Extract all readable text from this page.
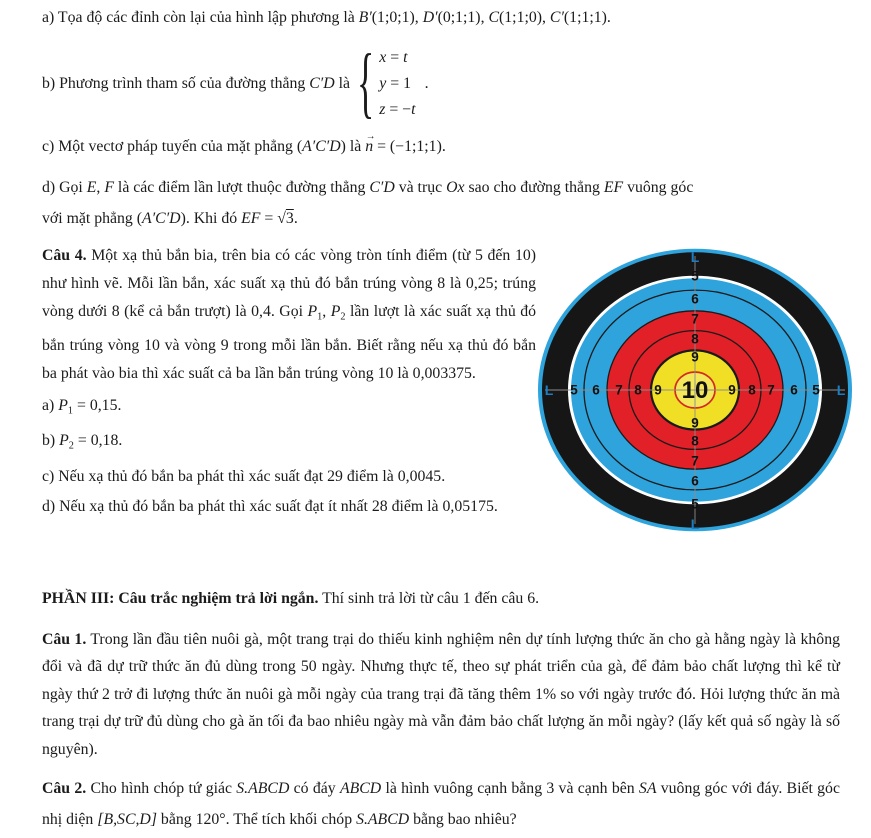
a) Tọa độ các đỉnh còn lại của hình lập phương là B′(1;0;1), D′(0;1;1), C(1;1;0), C′(1;1;1).
b) Phương trình tham số của đường thẳng C′D là { x = t
y = 1
z = −t
.
c) Một vectơ pháp tuyến của mặt phẳng (A′C′D) là → n = (−1;1;1).
d) Gọi E, F là các điểm lần lượt thuộc đường thẳng C′D và trục Ox sao cho đường thẳng EF vuông góc
với mặt phẳng (A′C′D). Khi đó EF = √3.
Câu 4. Một xạ thủ bắn bia, trên bia có các vòng tròn tính điểm (từ 5 đến 10) như hình vẽ. Mỗi lần bắn, xác suất xạ thủ đó bắn trúng vòng 8 là 0,25; trúng vòng dưới 8 (kể cả bắn trượt) là 0,4. Gọi $P_1$, $P_2$ lần lượt là xác suất xạ thủ đó bắn trúng vòng 10 và vòng 9 trong mỗi lần bắn. Biết rằng nếu xạ thủ đó bắn ba phát vào bia thì xác suất cả ba lần bắn trúng vòng 10 là 0,003375.
a) $P_1 = 0,15$.
b) $P_2 = 0,18$.
c) Nếu xạ thủ đó bắn ba phát thì xác suất đạt 29 điểm là 0,0045.
d) Nếu xạ thủ đó bắn ba phát thì xác suất đạt ít nhất 28 điểm là 0,05175.
5	5
5
5
6	6
6
6
7	7
7
7
8	8
8
8
9	9
9
9
10
L	L
L
L
PHẦN III: Câu trắc nghiệm trả lời ngắn. Thí sinh trả lời từ câu 1 đến câu 6.
Câu 1. Trong lần đầu tiên nuôi gà, một trang trại do thiếu kinh nghiệm nên dự tính lượng thức ăn cho gà hằng ngày là không đổi và đã dự trữ thức ăn đủ dùng trong 50 ngày. Nhưng thực tế, theo sự phát triển của gà, để đảm bảo chất lượng thì kể từ ngày thứ 2 trở đi lượng thức ăn nuôi gà mỗi ngày của trang trại đã tăng thêm 1% so với ngày trước đó. Hỏi lượng thức ăn mà trang trại dự trữ đủ dùng cho gà ăn tối đa bao nhiêu ngày mà vẫn đảm bảo chất lượng ăn mỗi ngày? (lấy kết quả số ngày là số nguyên).
Câu 2. Cho hình chóp tứ giác S.ABCD có đáy ABCD là hình vuông cạnh bằng 3 và cạnh bên SA vuông góc với đáy. Biết góc nhị diện [B,SC,D] bằng 120°. Thể tích khối chóp S.ABCD bằng bao nhiêu?
